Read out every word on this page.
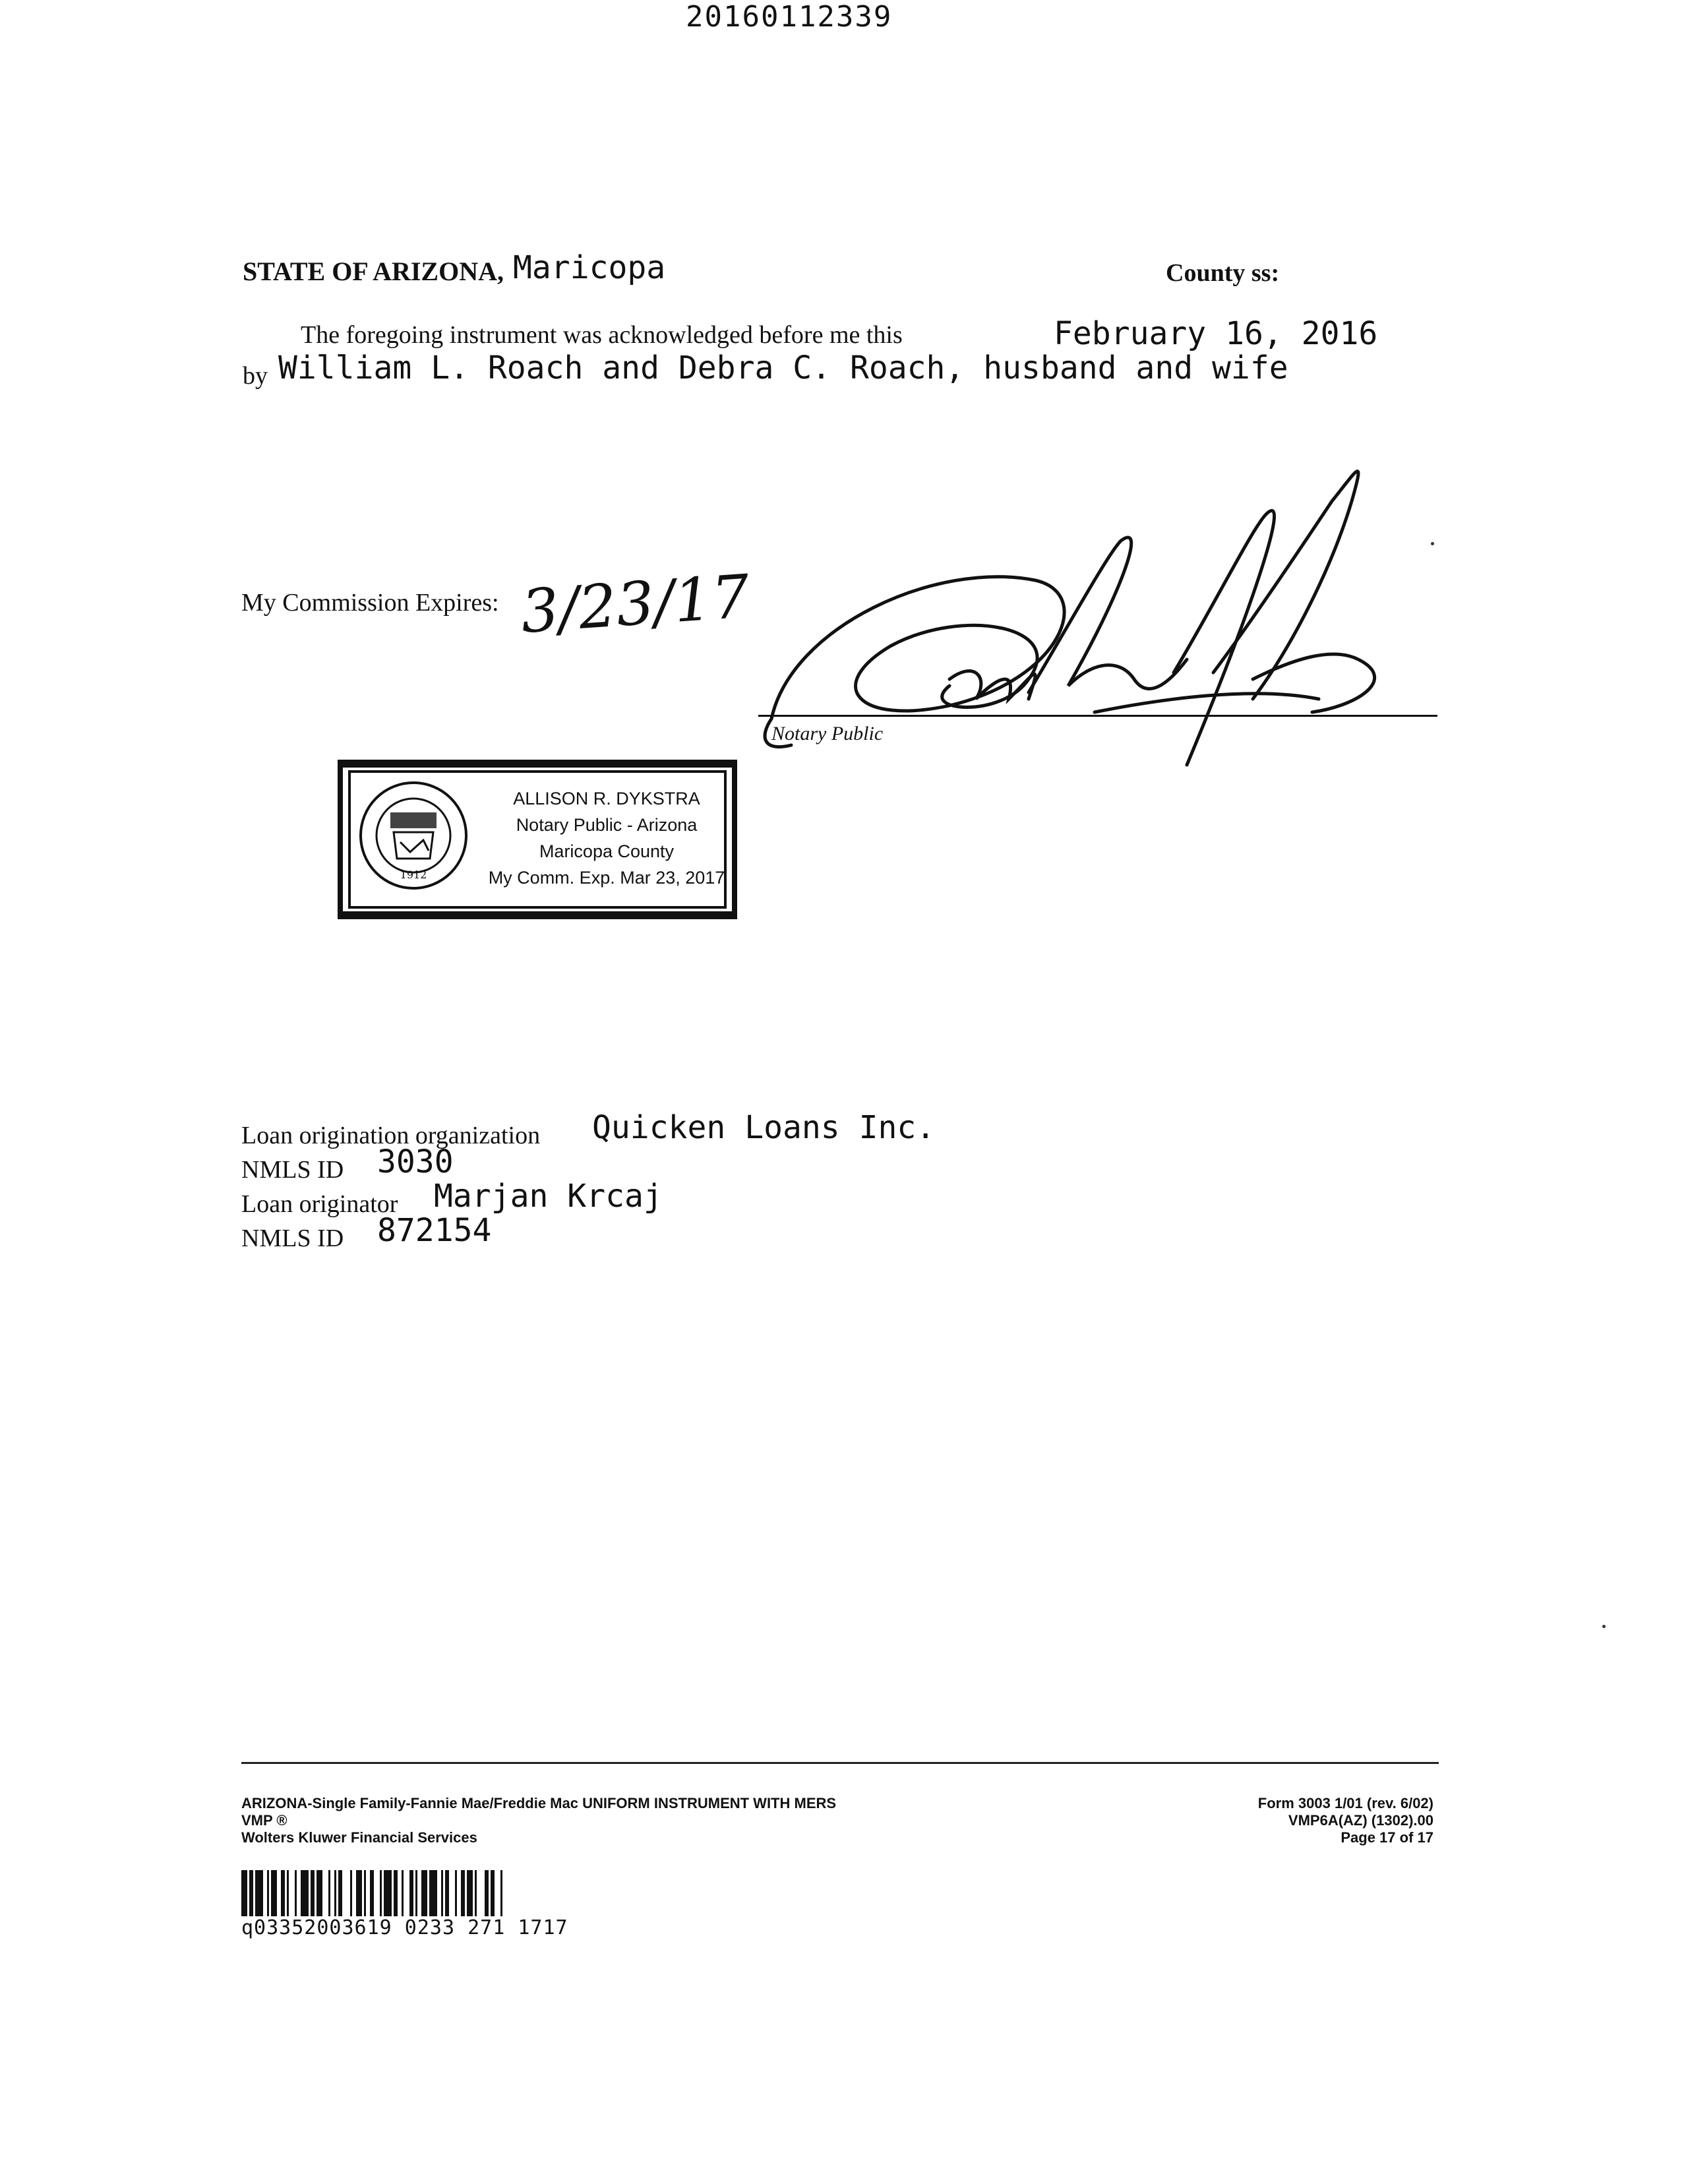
20160112339
STATE OF ARIZONA, Maricopa	County ss:
The foregoing instrument was acknowledged before me this	February 16, 2016
by William L. Roach and Debra C. Roach, husband and wife
My Commission Expires: 3/23/17
Notary Public
1912
ALLISON R. DYKSTRA
Notary Public - Arizona
Maricopa County
My Comm. Exp. Mar 23, 2017
Loan origination organization Quicken Loans Inc.
NMLS ID 3030
Loan originator Marjan Krcaj
NMLS ID 872154
ARIZONA-Single Family-Fannie Mae/Freddie Mac UNIFORM INSTRUMENT WITH MERS
VMP ®
Wolters Kluwer Financial Services
Form 3003 1/01 (rev. 6/02)
VMP6A(AZ) (1302).00
Page 17 of 17
q03352003619 0233 271 1717
